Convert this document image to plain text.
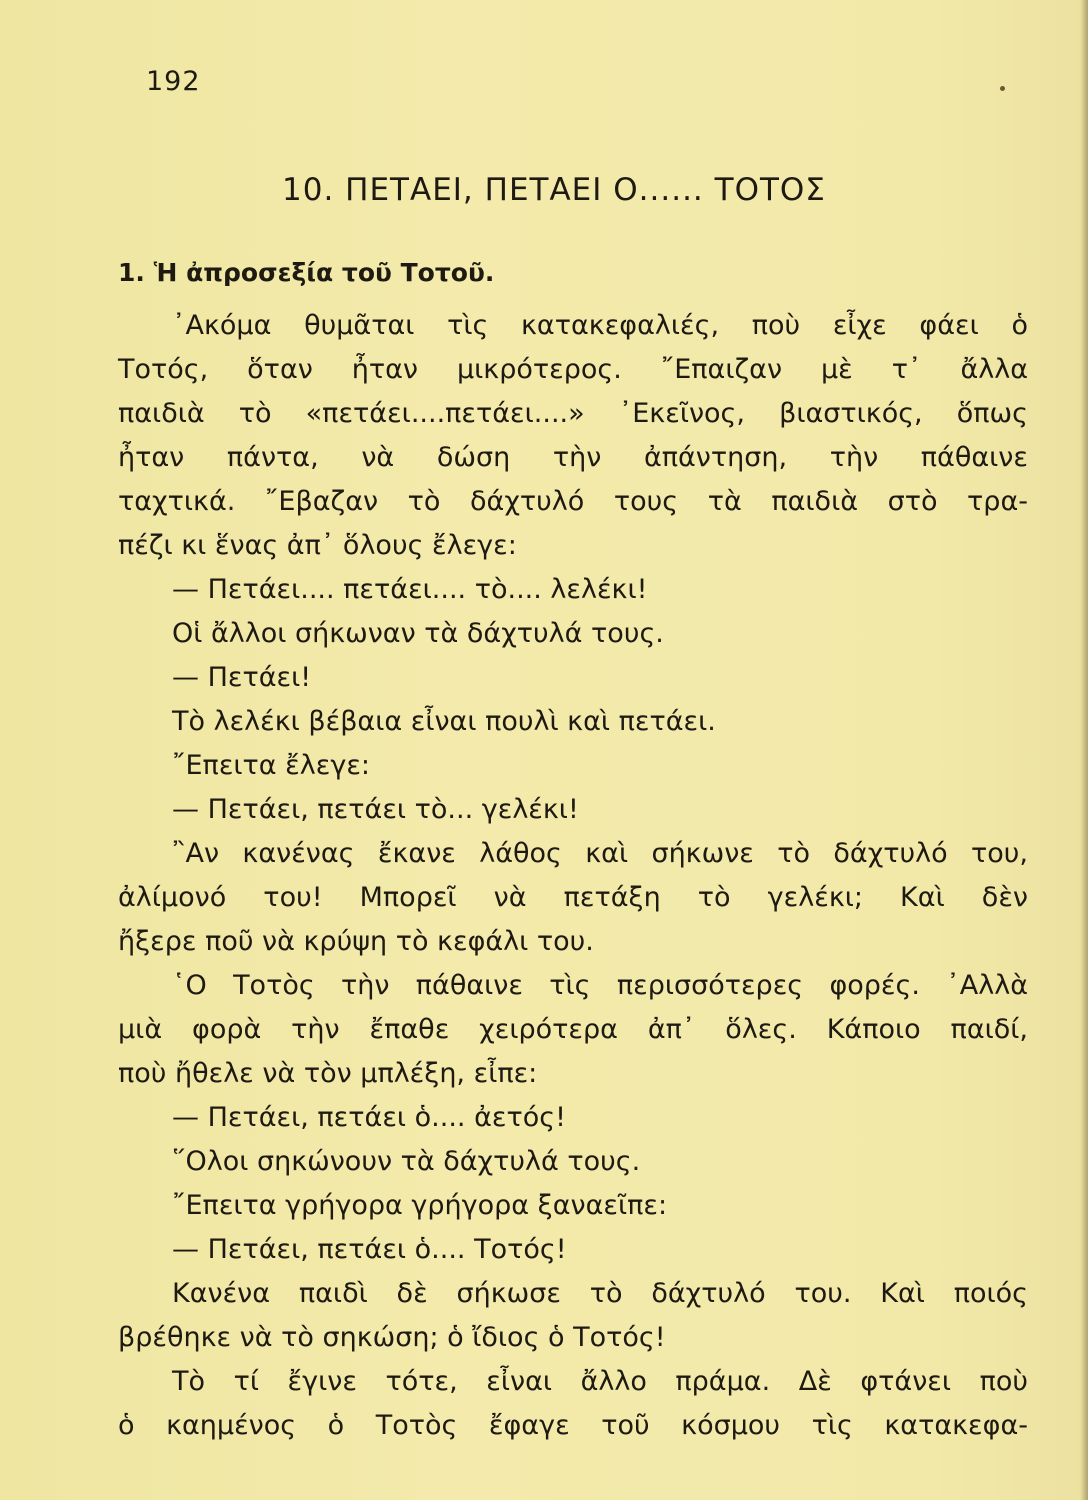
192
10. ΠΕΤΑΕΙ, ΠΕΤΑΕΙ Ο...... ΤΟΤΟΣ
1. Ἡ ἀπροσεξία τοῦ Τοτοῦ.
᾿Ακόμα θυμᾶται τὶς κατακεφαλιές, ποὺ εἶχε φάει ὁ
Τοτός, ὅταν ἦταν μικρότερος. ῎Επαιζαν μὲ τ᾿ ἄλλα
παιδιὰ τὸ «πετάει....πετάει....» ᾿Εκεῖνος, βιαστικός, ὅπως
ἦταν πάντα, νὰ δώση τὴν ἀπάντηση, τὴν πάθαινε
ταχτικά. ῎Εβαζαν τὸ δάχτυλό τους τὰ παιδιὰ στὸ τρα-
πέζι κι ἕνας ἀπ᾿ ὅλους ἔλεγε:
— Πετάει.... πετάει.... τὸ.... λελέκι!
Οἱ ἄλλοι σήκωναν τὰ δάχτυλά τους.
— Πετάει!
Τὸ λελέκι βέβαια εἶναι πουλὶ καὶ πετάει.
῎Επειτα ἔλεγε:
— Πετάει, πετάει τὸ... γελέκι!
῍Αν κανένας ἔκανε λάθος καὶ σήκωνε τὸ δάχτυλό του,
ἀλίμονό του! Μπορεῖ νὰ πετάξη τὸ γελέκι; Καὶ δὲν
ἤξερε ποῦ νὰ κρύψη τὸ κεφάλι του.
῾Ο Τοτὸς τὴν πάθαινε τὶς περισσότερες φορές. ᾿Αλλὰ
μιὰ φορὰ τὴν ἔπαθε χειρότερα ἀπ᾿ ὅλες. Κάποιο παιδί,
ποὺ ἤθελε νὰ τὸν μπλέξη, εἶπε:
— Πετάει, πετάει ὁ.... ἀετός!
῞Ολοι σηκώνουν τὰ δάχτυλά τους.
῎Επειτα γρήγορα γρήγορα ξαναεῖπε:
— Πετάει, πετάει ὁ.... Τοτός!
Κανένα παιδὶ δὲ σήκωσε τὸ δάχτυλό του. Καὶ ποιός
βρέθηκε νὰ τὸ σηκώση; ὁ ἴδιος ὁ Τοτός!
Τὸ τί ἔγινε τότε, εἶναι ἄλλο πράμα. Δὲ φτάνει ποὺ
ὁ καημένος ὁ Τοτὸς ἔφαγε τοῦ κόσμου τὶς κατακεφα-
